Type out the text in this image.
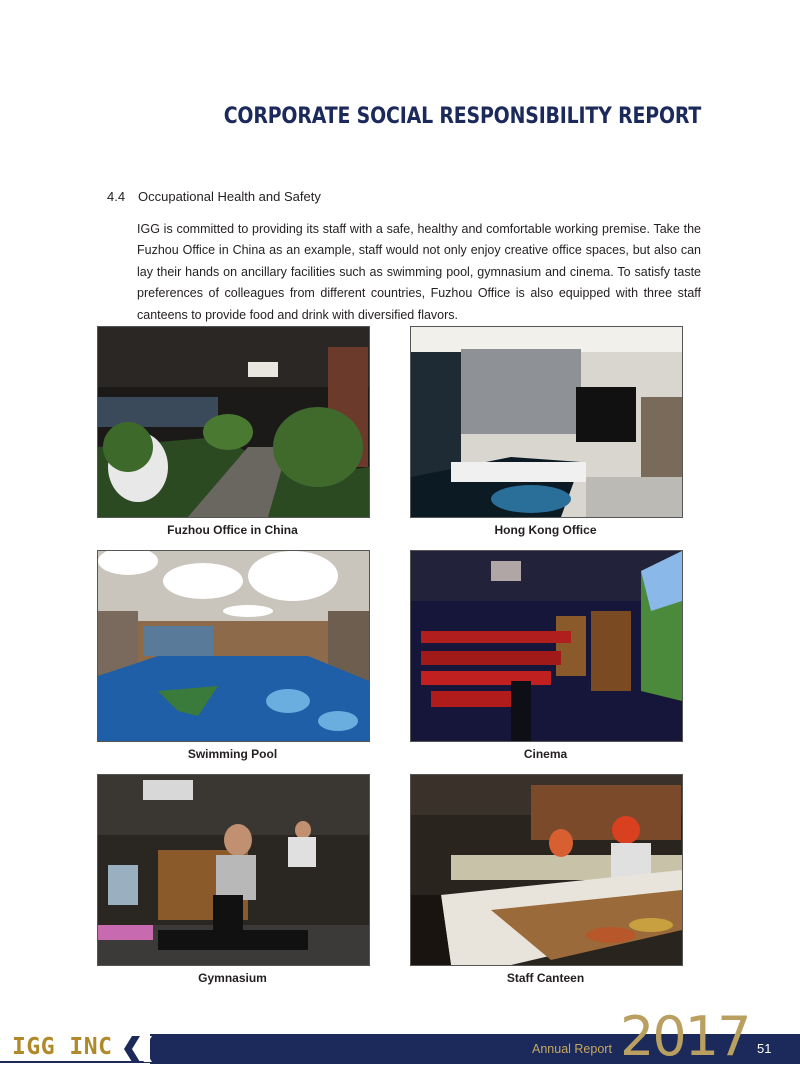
CORPORATE SOCIAL RESPONSIBILITY REPORT
4.4 Occupational Health and Safety

IGG is committed to providing its staff with a safe, healthy and comfortable working premise. Take the Fuzhou Office in China as an example, staff would not only enjoy creative office spaces, but also can lay their hands on ancillary facilities such as swimming pool, gymnasium and cinema. To satisfy taste preferences of colleagues from different countries, Fuzhou Office is also equipped with three staff canteens to provide food and drink with diversified flavors.

Fuzhou Office in China	Hong Kong Office
Swimming Pool	Cinema
Gymnasium	Staff Canteen
IGG INC	Annual Report 2017 51
